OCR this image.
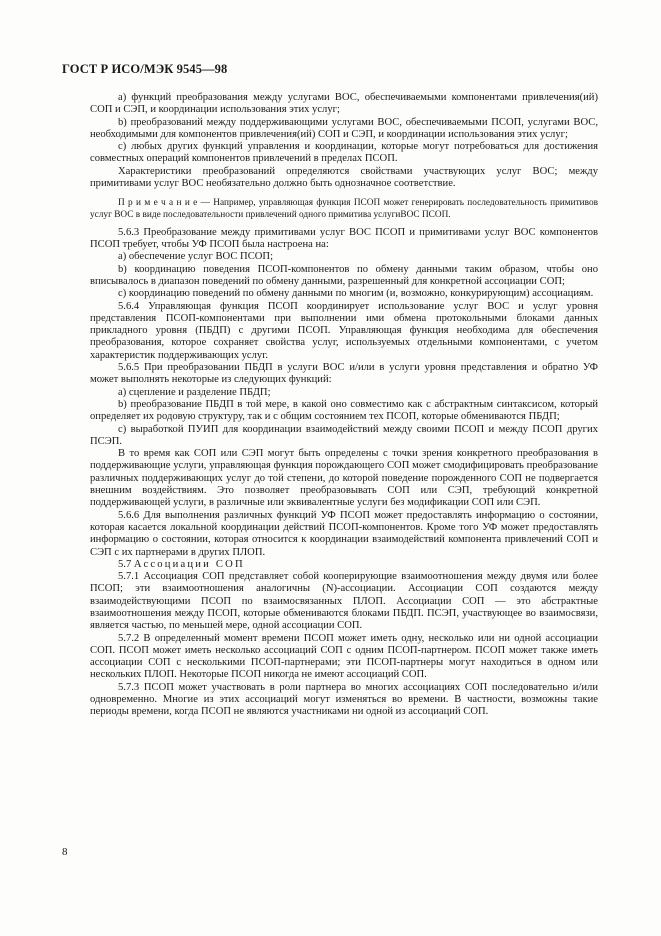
ГОСТ Р ИСО/МЭК 9545—98

а) функций преобразования между услугами ВОС, обеспечиваемыми компонентами привлечения(ий) СОП и СЭП, и координации использования этих услуг;

b) преобразований между поддерживающими услугами ВОС, обеспечиваемыми ПСОП, услугами ВОС, необходимыми для компонентов привлечения(ий) СОП и СЭП, и координации использования этих услуг;

с) любых других функций управления и координации, которые могут потребоваться для достижения совместных операций компонентов привлечений в пределах ПСОП.

Характеристики преобразований определяются свойствами участвующих услуг ВОС; между примитивами услуг ВОС необязательно должно быть однозначное соответствие.

П р и м е ч а н и е — Например, управляющая функция ПСОП может генерировать последовательность примитивов услуг ВОС в виде последовательности привлечений одного примитива услугиВОС ПСОП.

5.6.3 Преобразование между примитивами услуг ВОС ПСОП и примитивами услуг ВОС компонентов ПСОП требует, чтобы УФ ПСОП была настроена на:

а) обеспечение услуг ВОС ПСОП;

b) координацию поведения ПСОП-компонентов по обмену данными таким образом, чтобы оно вписывалось в диапазон поведений по обмену данными, разрешенный для конкретной ассоциации СОП;

с) координацию поведений по обмену данными по многим (и, возможно, конкурирующим) ассоциациям.

5.6.4 Управляющая функция ПСОП координирует использование услуг ВОС и услуг уровня представления ПСОП-компонентами при выполнении ими обмена протокольными блоками данных прикладного уровня (ПБДП) с другими ПСОП. Управляющая функция необходима для обеспечения преобразования, которое сохраняет свойства услуг, используемых отдельными компонентами, с учетом характеристик поддерживающих услуг.

5.6.5 При преобразовании ПБДП в услуги ВОС и/или в услуги уровня представления и обратно УФ может выполнять некоторые из следующих функций:

а) сцепление и разделение ПБДП;

b) преобразование ПБДП в той мере, в какой оно совместимо как с абстрактным синтаксисом, который определяет их родовую структуру, так и с общим состоянием тех ПСОП, которые обмениваются ПБДП;

с) выработкой ПУИП для координации взаимодействий между своими ПСОП и между ПСОП других ПСЭП.

В то время как СОП или СЭП могут быть определены с точки зрения конкретного преобразования в поддерживающие услуги, управляющая функция порождающего СОП может смодифицировать преобразование различных поддерживающих услуг до той степени, до которой поведение порожденного СОП не подвергается внешним воздействиям. Это позволяет преобразовывать СОП или СЭП, требующий конкретной поддерживающей услуги, в различные или эквивалентные услуги без модификации СОП или СЭП.

5.6.6 Для выполнения различных функций УФ ПСОП может предоставлять информацию о состоянии, которая касается локальной координации действий ПСОП-компонентов. Кроме того УФ может предоставлять информацию о состоянии, которая относится к координации взаимодействий компонента привлечений СОП и СЭП с их партнерами в других ПЛОП.

5.7 Ассоциации СОП

5.7.1 Ассоциация СОП представляет собой кооперирующие взаимоотношения между двумя или более ПСОП; эти взаимоотношения аналогичны (N)-ассоциации. Ассоциации СОП создаются между взаимодействующими ПСОП по взаимосвязанных ПЛОП. Ассоциации СОП — это абстрактные взаимоотношения между ПСОП, которые обмениваются блоками ПБДП. ПСЭП, участвующее во взаимосвязи, является частью, по меньшей мере, одной ассоциации СОП.

5.7.2 В определенный момент времени ПСОП может иметь одну, несколько или ни одной ассоциации СОП. ПСОП может иметь несколько ассоциаций СОП с одним ПСОП-партнером. ПСОП может также иметь ассоциации СОП с несколькими ПСОП-партнерами; эти ПСОП-партнеры могут находиться в одном или нескольких ПЛОП. Некоторые ПСОП никогда не имеют ассоциаций СОП.

5.7.3 ПСОП может участвовать в роли партнера во многих ассоциациях СОП последовательно и/или одновременно. Многие из этих ассоциаций могут изменяться во времени. В частности, возможны такие периоды времени, когда ПСОП не являются участниками ни одной из ассоциаций СОП.

8
